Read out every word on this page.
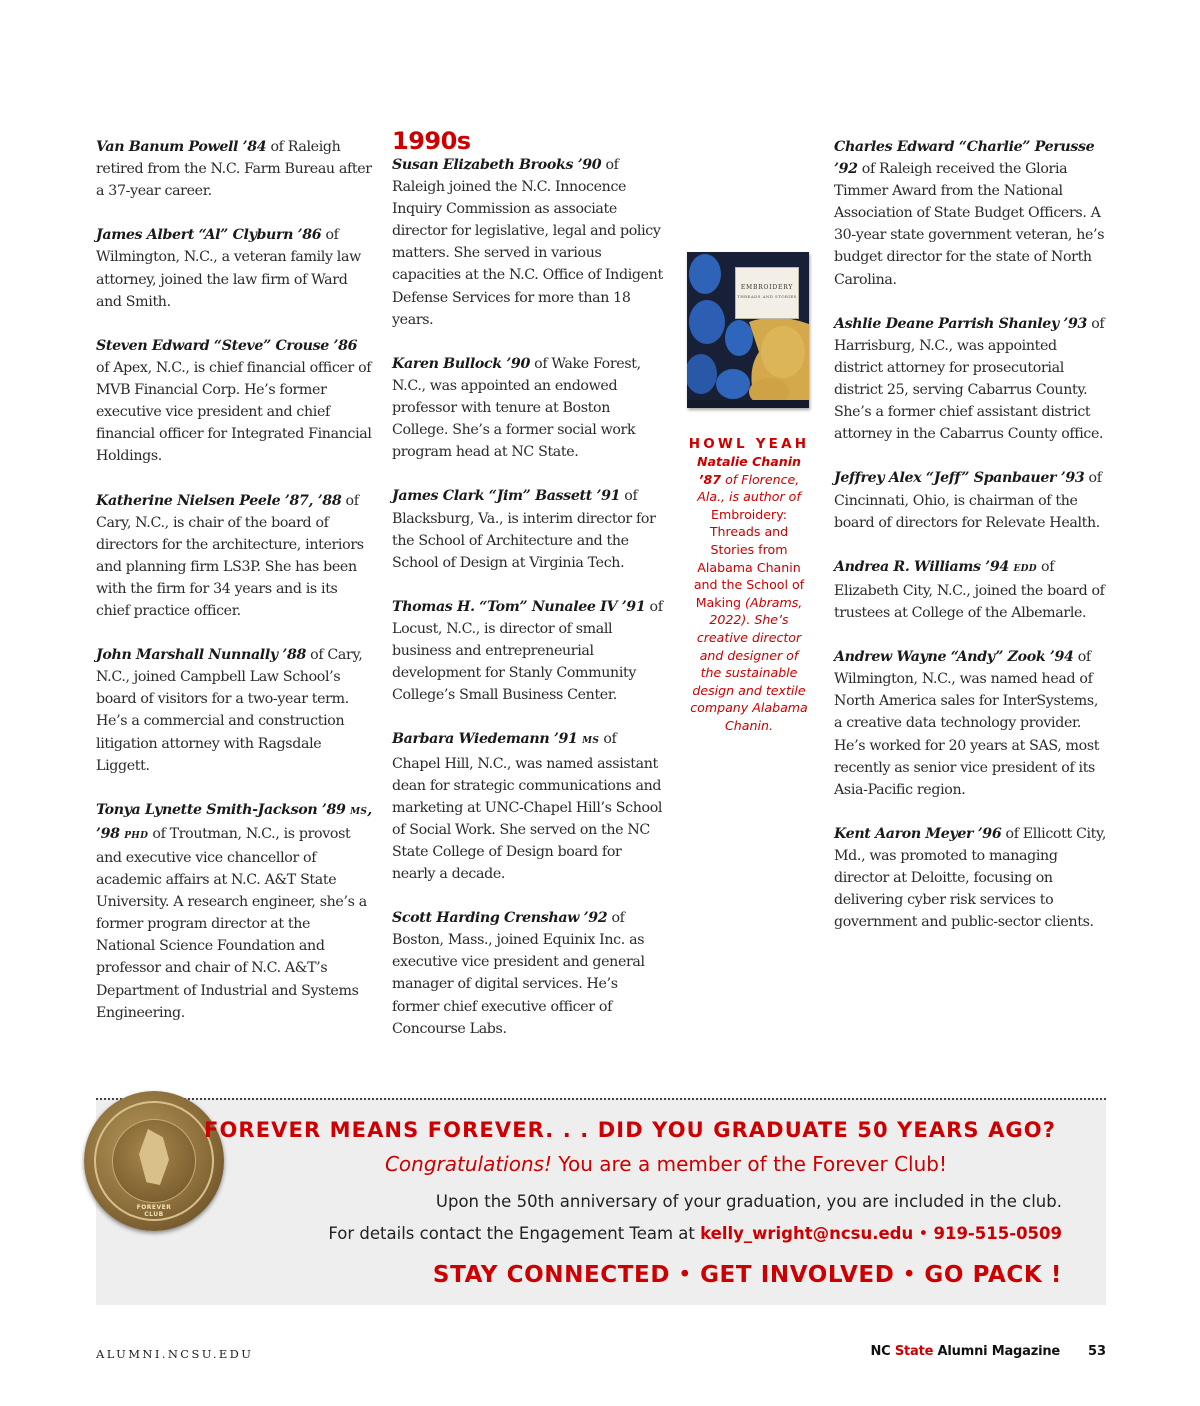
Van Banum Powell ’84 of Raleigh retired from the N.C. Farm Bureau after a 37-year career.

James Albert “Al” Clyburn ’86 of Wilmington, N.C., a veteran family law attorney, joined the law firm of Ward and Smith.

Steven Edward “Steve” Crouse ’86 of Apex, N.C., is chief financial officer of MVB Financial Corp. He’s former executive vice president and chief financial officer for Integrated Financial Holdings.

Katherine Nielsen Peele ’87, ’88 of Cary, N.C., is chair of the board of directors for the architecture, interiors and planning firm LS3P. She has been with the firm for 34 years and is its chief practice officer.

John Marshall Nunnally ’88 of Cary, N.C., joined Campbell Law School’s board of visitors for a two-year term. He’s a commercial and construction litigation attorney with Ragsdale Liggett.

Tonya Lynette Smith-Jackson ’89 MS, ’98 PHD of Troutman, N.C., is provost and executive vice chancellor of academic affairs at N.C. A&T State University. A research engineer, she’s a former program director at the National Science Foundation and professor and chair of N.C. A&T’s Department of Industrial and Systems Engineering.

1990s

Susan Elizabeth Brooks ’90 of Raleigh joined the N.C. Innocence Inquiry Commission as associate director for legislative, legal and policy matters. She served in various capacities at the N.C. Office of Indigent Defense Services for more than 18 years.

Karen Bullock ’90 of Wake Forest, N.C., was appointed an endowed professor with tenure at Boston College. She’s a former social work program head at NC State.

James Clark “Jim” Bassett ’91 of Blacksburg, Va., is interim director for the School of Architecture and the School of Design at Virginia Tech.

Thomas H. “Tom” Nunalee IV ’91 of Locust, N.C., is director of small business and entrepreneurial development for Stanly Community College’s Small Business Center.

Barbara Wiedemann ’91 MS of Chapel Hill, N.C., was named assistant dean for strategic communications and marketing at UNC-Chapel Hill’s School of Social Work. She served on the NC State College of Design board for nearly a decade.

Scott Harding Crenshaw ’92 of Boston, Mass., joined Equinix Inc. as executive vice president and general manager of digital services. He’s former chief executive officer of Concourse Labs.

EMBROIDERY
THREADS AND STORIES
HOWL YEAH
Natalie Chanin ’87 of Florence, Ala., is author of Embroidery: Threads and Stories from Alabama Chanin and the School of Making (Abrams, 2022). She’s creative director and designer of the sustainable design and textile company Alabama Chanin.

Charles Edward “Charlie” Perusse ’92 of Raleigh received the Gloria Timmer Award from the National Association of State Budget Officers. A 30-year state government veteran, he’s budget director for the state of North Carolina.

Ashlie Deane Parrish Shanley ’93 of Harrisburg, N.C., was appointed district attorney for prosecutorial district 25, serving Cabarrus County. She’s a former chief assistant district attorney in the Cabarrus County office.

Jeffrey Alex “Jeff” Spanbauer ’93 of Cincinnati, Ohio, is chairman of the board of directors for Relevate Health.

Andrea R. Williams ’94 EDD of Elizabeth City, N.C., joined the board of trustees at College of the Albemarle.

Andrew Wayne “Andy” Zook ’94 of Wilmington, N.C., was named head of North America sales for InterSystems, a creative data technology provider. He’s worked for 20 years at SAS, most recently as senior vice president of its Asia-Pacific region.

Kent Aaron Meyer ’96 of Ellicott City, Md., was promoted to managing director at Deloitte, focusing on delivering cyber risk services to government and public-sector clients.

FOREVER CLUB
FOREVER MEANS FOREVER. . . DID YOU GRADUATE 50 YEARS AGO?
Congratulations! You are a member of the Forever Club!
Upon the 50th anniversary of your graduation, you are included in the club.
For details contact the Engagement Team at kelly_wright@ncsu.edu • 919-515-0509
STAY CONNECTED • GET INVOLVED • GO PACK !
ALUMNI.NCSU.EDU	NC State Alumni Magazine 53
